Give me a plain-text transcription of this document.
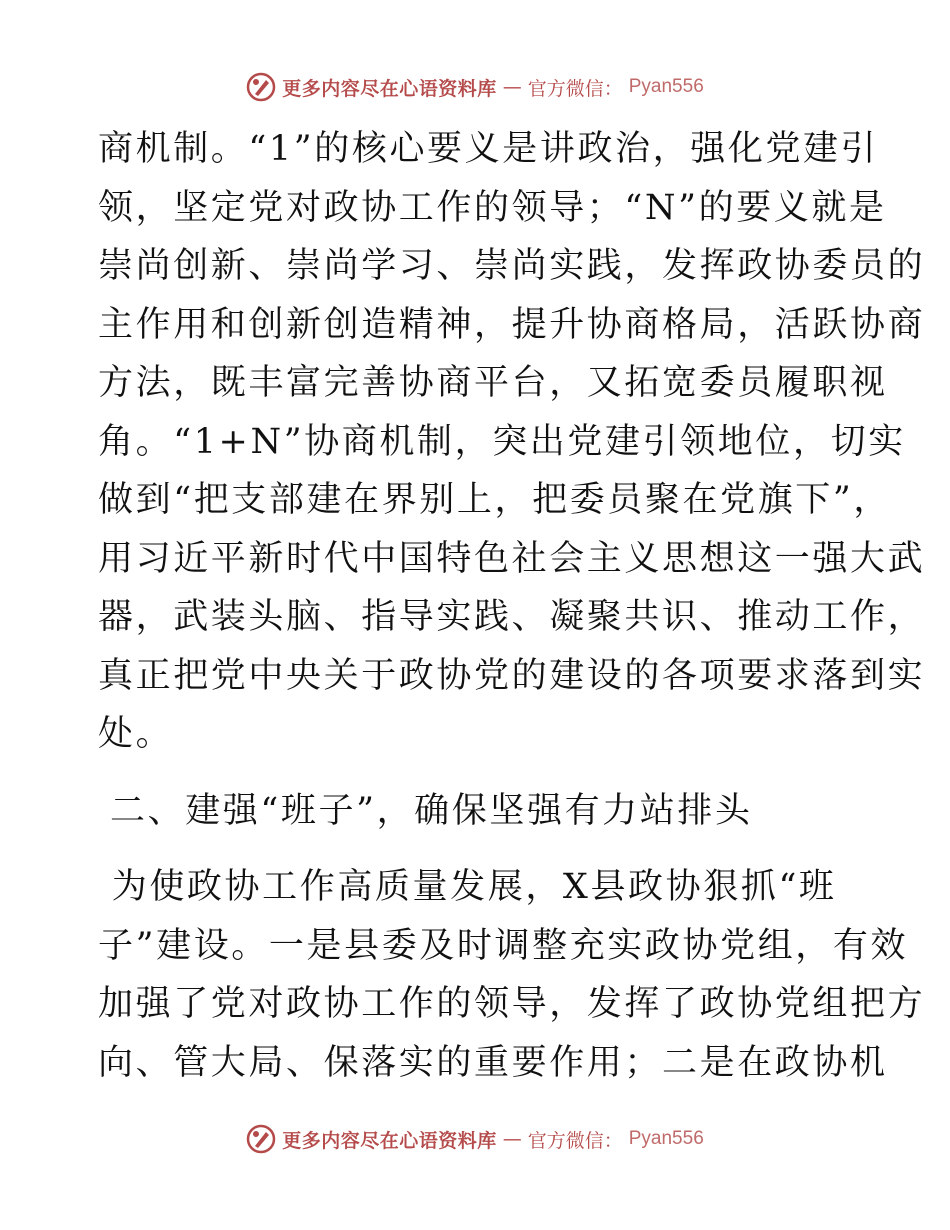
更多内容尽在心语资料库 — 官方微信： Pyan556

商机制。“1”的核心要义是讲政治，强化党建引
领，坚定党对政协工作的领导；“N”的要义就是
崇尚创新、崇尚学习、崇尚实践，发挥政协委员的
主作用和创新创造精神，提升协商格局，活跃协商
方法，既丰富完善协商平台，又拓宽委员履职视
角。“1+N”协商机制，突出党建引领地位，切实
做到“把支部建在界别上，把委员聚在党旗下”，
用习近平新时代中国特色社会主义思想这一强大武
器，武装头脑、指导实践、凝聚共识、推动工作，
真正把党中央关于政协党的建设的各项要求落到实
处。

二、建强“班子”，确保坚强有力站排头

为使政协工作高质量发展，X县政协狠抓“班
子”建设。一是县委及时调整充实政协党组，有效
加强了党对政协工作的领导，发挥了政协党组把方
向、管大局、保落实的重要作用；二是在政协机

更多内容尽在心语资料库 — 官方微信： Pyan556
